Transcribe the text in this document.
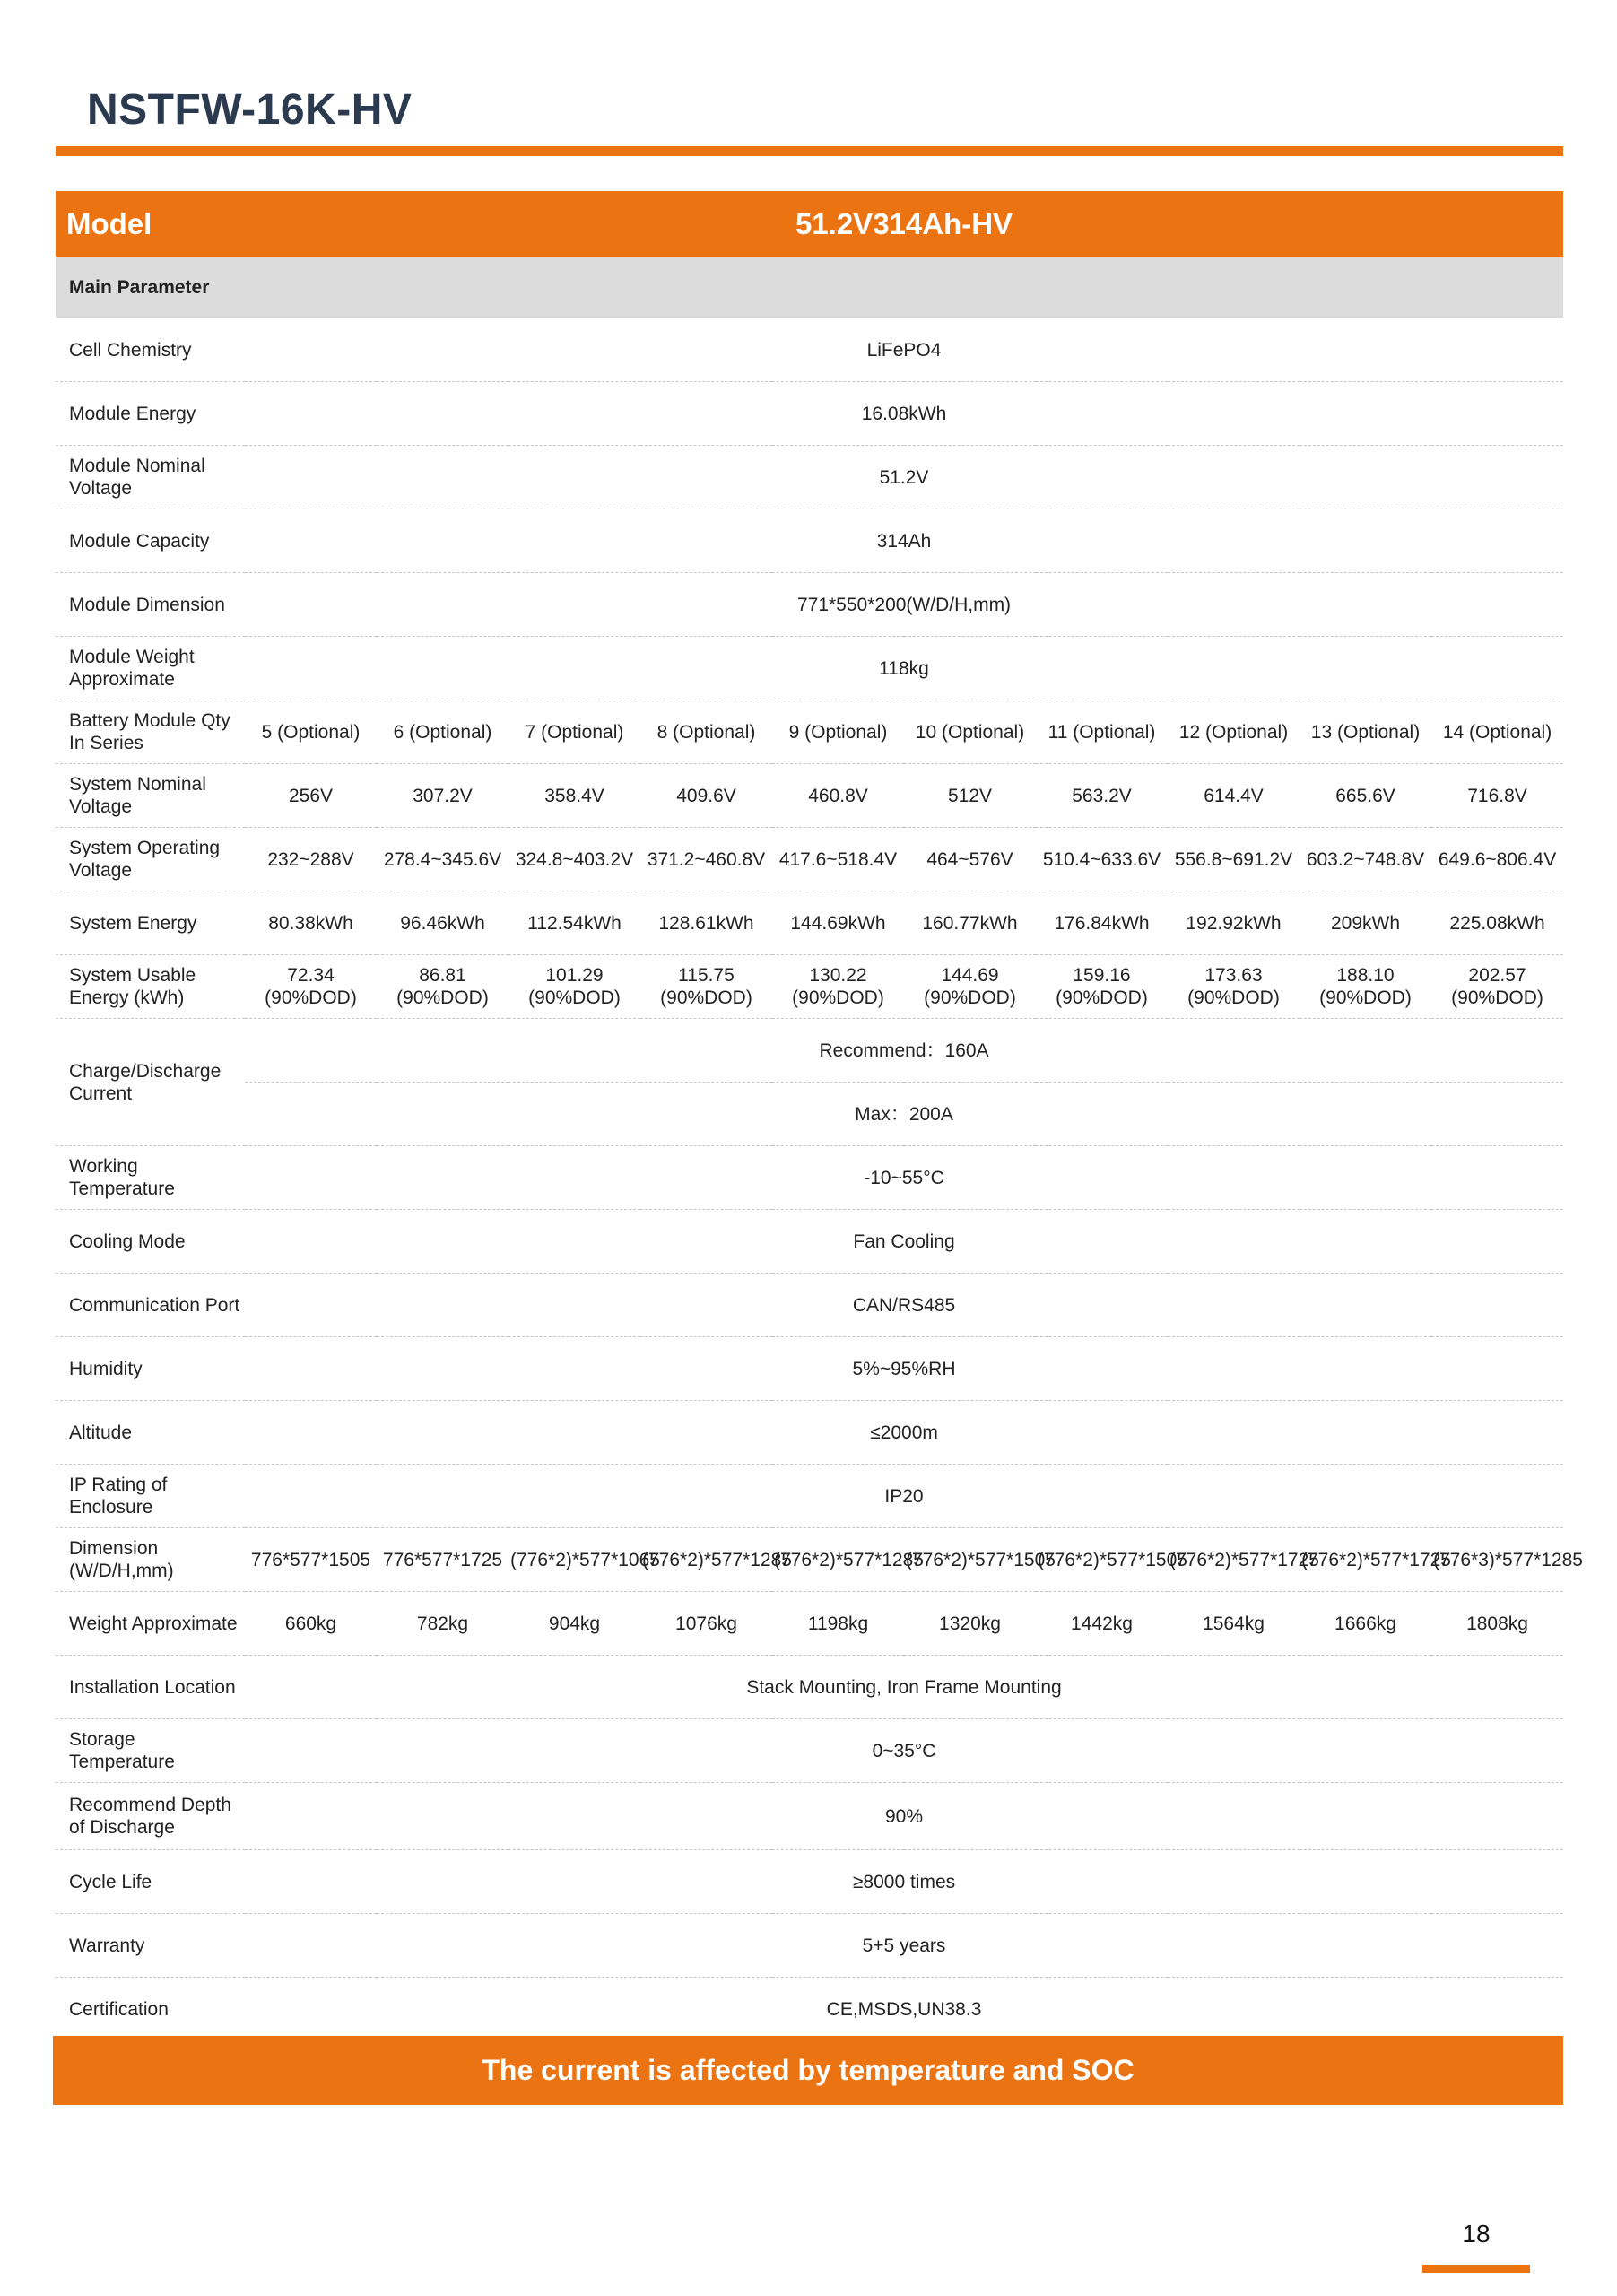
NSTFW-16K-HV
Model	51.2V314Ah-HV									
Main Parameter										
Cell Chemistry	LiFePO4									
Module Energy	16.08kWh									
Module Nominal Voltage	51.2V									
Module Capacity	314Ah									
Module Dimension	771*550*200(W/D/H,mm)									
Module Weight Approximate	118kg									
Battery Module Qty In Series	5 (Optional)	6 (Optional)	7 (Optional)	8 (Optional)	9 (Optional)	10 (Optional)	11 (Optional)	12 (Optional)	13 (Optional)	14 (Optional)
System Nominal Voltage	256V	307.2V	358.4V	409.6V	460.8V	512V	563.2V	614.4V	665.6V	716.8V
System Operating Voltage	232~288V	278.4~345.6V	324.8~403.2V	371.2~460.8V	417.6~518.4V	464~576V	510.4~633.6V	556.8~691.2V	603.2~748.8V	649.6~806.4V
System Energy	80.38kWh	96.46kWh	112.54kWh	128.61kWh	144.69kWh	160.77kWh	176.84kWh	192.92kWh	209kWh	225.08kWh
System Usable Energy (kWh)	72.34 (90%DOD)	86.81 (90%DOD)	101.29 (90%DOD)	115.75 (90%DOD)	130.22 (90%DOD)	144.69 (90%DOD)	159.16 (90%DOD)	173.63 (90%DOD)	188.10 (90%DOD)	202.57 (90%DOD)
Charge/Discharge Current	Recommend：160A									
	Max：200A									
Working Temperature	-10~55°C									
Cooling Mode	Fan Cooling									
Communication Port	CAN/RS485									
Humidity	5%~95%RH									
Altitude	≤2000m									
IP Rating of Enclosure	IP20									
Dimension (W/D/H,mm)	776*577*1505	776*577*1725	(776*2)*577*1065	(776*2)*577*1285	(776*2)*577*1285	(776*2)*577*1505	(776*2)*577*1505	(776*2)*577*1725	(776*2)*577*1725	(776*3)*577*1285
Weight Approximate	660kg	782kg	904kg	1076kg	1198kg	1320kg	1442kg	1564kg	1666kg	1808kg
Installation Location	Stack Mounting, Iron Frame Mounting									
Storage Temperature	0~35°C									
Recommend Depth of Discharge	90%									
Cycle Life	≥8000 times									
Warranty	5+5 years									
Certification	CE,MSDS,UN38.3									
The current is affected by temperature and SOC
18
